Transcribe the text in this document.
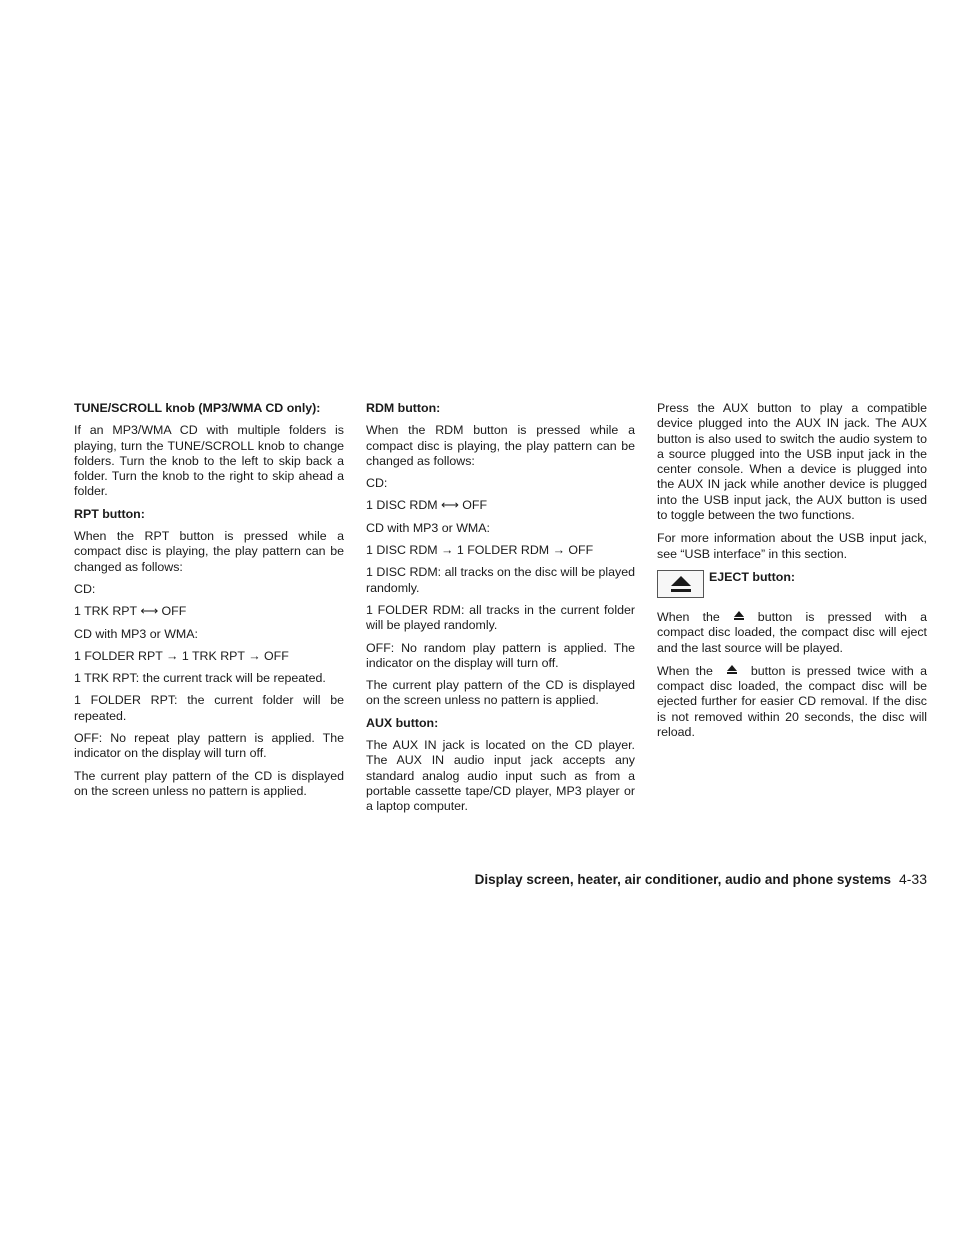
TUNE/SCROLL knob (MP3/WMA CD only):

If an MP3/WMA CD with multiple folders is playing, turn the TUNE/SCROLL knob to change folders. Turn the knob to the left to skip back a folder. Turn the knob to the right to skip ahead a folder.

RPT button:

When the RPT button is pressed while a compact disc is playing, the play pattern can be changed as follows:

CD:

1 TRK RPT ⟷ OFF

CD with MP3 or WMA:

1 FOLDER RPT → 1 TRK RPT → OFF

1 TRK RPT: the current track will be repeated.

1 FOLDER RPT: the current folder will be repeated.

OFF: No repeat play pattern is applied. The indicator on the display will turn off.

The current play pattern of the CD is displayed on the screen unless no pattern is applied.

RDM button:

When the RDM button is pressed while a compact disc is playing, the play pattern can be changed as follows:

CD:

1 DISC RDM ⟷ OFF

CD with MP3 or WMA:

1 DISC RDM → 1 FOLDER RDM → OFF

1 DISC RDM: all tracks on the disc will be played randomly.

1 FOLDER RDM: all tracks in the current folder will be played randomly.

OFF: No random play pattern is applied. The indicator on the display will turn off.

The current play pattern of the CD is displayed on the screen unless no pattern is applied.

AUX button:

The AUX IN jack is located on the CD player. The AUX IN audio input jack accepts any standard analog audio input such as from a portable cassette tape/CD player, MP3 player or a laptop computer.

Press the AUX button to play a compatible device plugged into the AUX IN jack. The AUX button is also used to switch the audio system to a source plugged into the USB input jack in the center console. When a device is plugged into the AUX IN jack while another device is plugged into the USB input jack, the AUX button is used to toggle between the two functions.

For more information about the USB input jack, see “USB interface” in this section.

EJECT button:

When the	button is pressed with a compact disc loaded, the compact disc will eject and the last source will be played.

When the	button is pressed twice with a compact disc loaded, the compact disc will be ejected further for easier CD removal. If the disc is not removed within 20 seconds, the disc will reload.

Display screen, heater, air conditioner, audio and phone systems 4-33
